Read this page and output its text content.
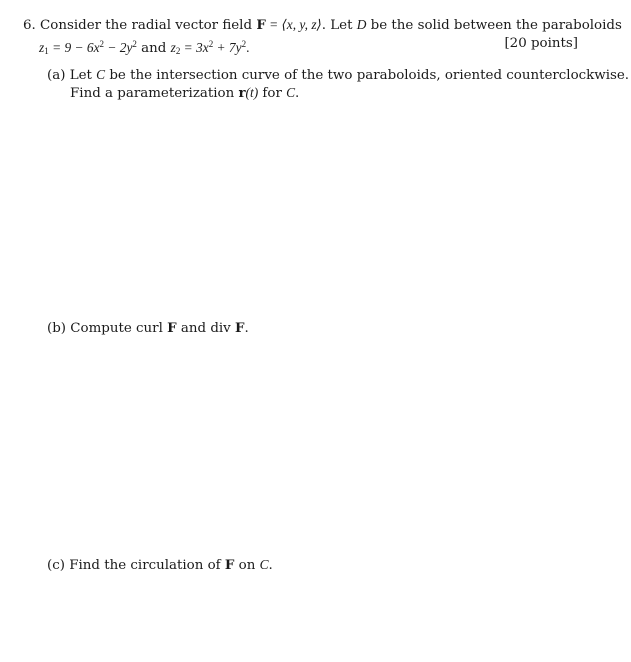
6. Consider the radial vector field F = ⟨x, y, z⟩. Let D be the solid between the paraboloids
$z_1 = 9 - 6x^2 - 2y^2$ and $z_2 = 3x^2 + 7y^2$.	[20 points]
(a) Let C be the intersection curve of the two paraboloids, oriented counterclockwise.
Find a parameterization r(t) for C.
(b) Compute curl F and div F.
(c) Find the circulation of F on C.
